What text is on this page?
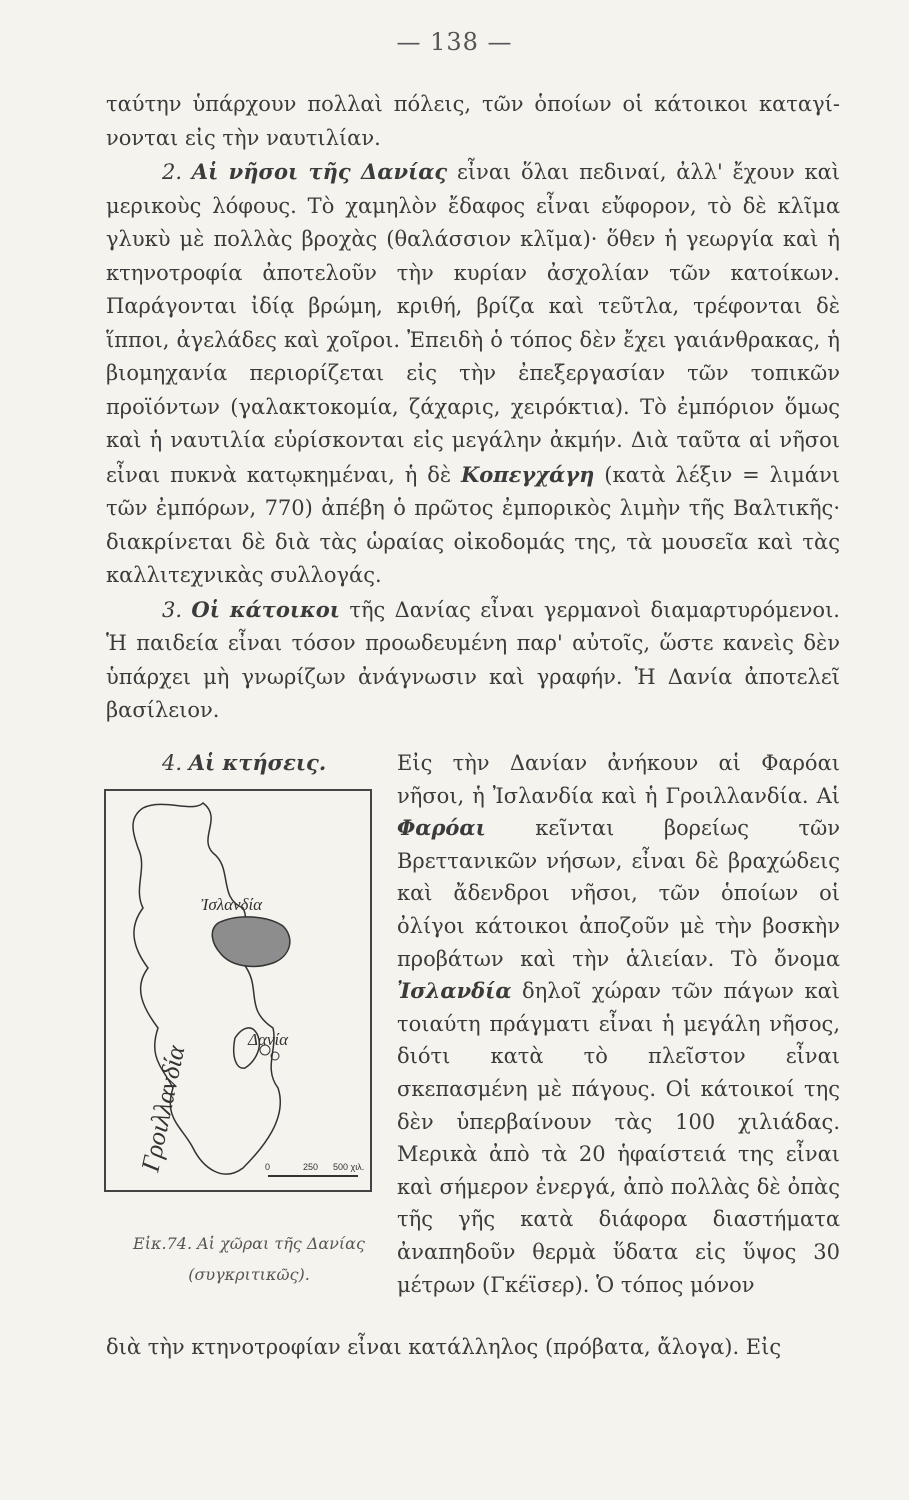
— 138 —

ταύτην ὑπάρχουν πολλαὶ πόλεις, τῶν ὁποίων οἱ κάτοικοι καταγί-νονται εἰς τὴν ναυτιλίαν.

2. Αἱ νῆσοι τῆς Δανίας εἶναι ὅλαι πεδιναί, ἀλλ' ἔχουν καὶ μερικοὺς λόφους. Τὸ χαμηλὸν ἔδαφος εἶναι εὔφορον, τὸ δὲ κλῖμα γλυκὺ μὲ πολλὰς βροχὰς (θαλάσσιον κλῖμα)· ὅθεν ἡ γεωργία καὶ ἡ κτηνοτροφία ἀποτελοῦν τὴν κυρίαν ἀσχολίαν τῶν κατοίκων. Παράγονται ἰδίᾳ βρώμη, κριθή, βρίζα καὶ τεῦτλα, τρέφονται δὲ ἵπποι, ἀγελάδες καὶ χοῖροι. Ἐπειδὴ ὁ τόπος δὲν ἔχει γαιάνθρακας, ἡ βιομηχανία περιορίζεται εἰς τὴν ἐπεξεργασίαν τῶν τοπικῶν προϊόντων (γαλακτοκομία, ζάχαρις, χειρόκτια). Τὸ ἐμπόριον ὅμως καὶ ἡ ναυτιλία εὑρίσκονται εἰς μεγάλην ἀκμήν. Διὰ ταῦτα αἱ νῆσοι εἶναι πυκνὰ κατῳκημέναι, ἡ δὲ Κοπεγχάγη (κατὰ λέξιν = λιμάνι τῶν ἐμπόρων, 770) ἀπέβη ὁ πρῶτος ἐμπορικὸς λιμὴν τῆς Βαλτικῆς· διακρίνεται δὲ διὰ τὰς ὡραίας οἰκοδομάς της, τὰ μουσεῖα καὶ τὰς καλλιτεχνικὰς συλλογάς.

3. Οἱ κάτοικοι τῆς Δανίας εἶναι γερμανοὶ διαμαρτυρόμενοι. Ἡ παιδεία εἶναι τόσον προωδευμένη παρ' αὐτοῖς, ὥστε κανεὶς δὲν ὑπάρχει μὴ γνωρίζων ἀνάγνωσιν καὶ γραφήν. Ἡ Δανία ἀποτελεῖ βασίλειον.

4. Αἱ κτήσεις.	Εἰς τὴν Δανίαν ἀνήκουν αἱ Φαρόαι νῆσοι, ἡ Ἰσλανδία καὶ ἡ Γροιλλανδία. Αἱ Φαρόαι κεῖνται βορείως τῶν Βρεττανικῶν νήσων, εἶναι δὲ βραχώδεις καὶ ἄδενδροι νῆσοι, τῶν ὁποίων οἱ ὀλίγοι κάτοικοι ἀποζοῦν μὲ τὴν βοσκὴν προβάτων καὶ τὴν ἁλιείαν. Τὸ ὄνομα Ἰσλανδία δηλοῖ χώραν τῶν πάγων καὶ τοιαύτη πράγματι εἶναι ἡ μεγάλη νῆσος, διότι κατὰ τὸ πλεῖστον εἶναι σκεπασμένη μὲ πάγους. Οἱ κάτοικοί της δὲν ὑπερβαίνουν τὰς 100 χιλιάδας. Μερικὰ ἀπὸ τὰ 20 ἡφαίστειά της εἶναι καὶ σήμερον ἐνεργά, ἀπὸ πολλὰς δὲ ὀπὰς τῆς γῆς κατὰ διάφορα διαστήματα ἀναπηδοῦν θερμὰ ὕδατα εἰς ὕψος 30 μέτρων (Γκέϊσερ). Ὁ τόπος μόνον
διὰ τὴν κτηνοτροφίαν εἶναι κατάλληλος (πρόβατα, ἄλογα). Εἰς
Ἰσλανδία
Δανία
Γροιλλανδία	0	250 500 χιλ.
Εἰκ.74. Αἱ χῶραι τῆς Δανίας
(συγκριτικῶς).
